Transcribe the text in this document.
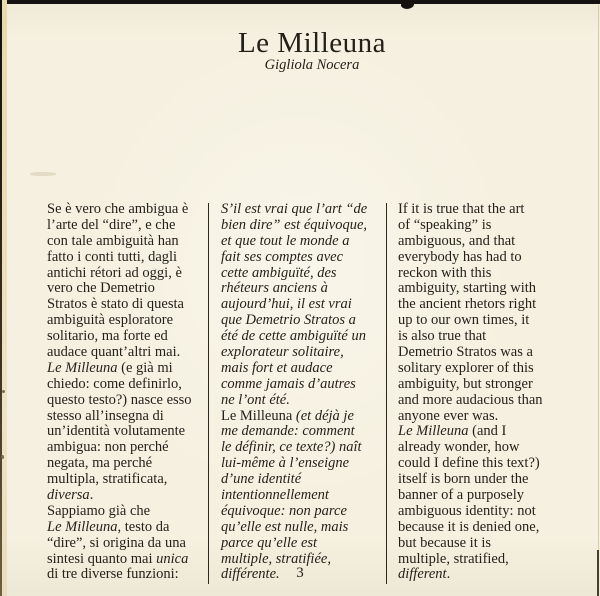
Le Milleuna
Gigliola Nocera
Se è vero che ambigua è
l’arte del “dire”, e che
con tale ambiguità han
fatto i conti tutti, dagli
antichi rétori ad oggi, è
vero che Demetrio
Stratos è stato di questa
ambiguità esploratore
solitario, ma forte ed
audace quant’altri mai.
Le Milleuna (e già mi
chiedo: come definirlo,
questo testo?) nasce esso
stesso all’insegna di
un’identità volutamente
ambigua: non perché
negata, ma perché
multipla, stratificata,
diversa.
Sappiamo già che
Le Milleuna, testo da
“dire”, si origina da una
sintesi quanto mai unica
di tre diverse funzioni:
S’il est vrai que l’art “de
bien dire” est équivoque,
et que tout le monde a
fait ses comptes avec
cette ambiguïté, des
rhéteurs anciens à
aujourd’hui, il est vrai
que Demetrio Stratos a
été de cette ambiguïté un
explorateur solitaire,
mais fort et audace
comme jamais d’autres
ne l’ont été.
Le Milleuna (et déjà je
me demande: comment
le définir, ce texte?) naît
lui-même à l’enseigne
d’une identité
intentionnellement
équivoque: non parce
qu’elle est nulle, mais
parce qu’elle est
multiple, stratifiée,
différente.
If it is true that the art
of “speaking” is
ambiguous, and that
everybody has had to
reckon with this
ambiguity, starting with
the ancient rhetors right
up to our own times, it
is also true that
Demetrio Stratos was a
solitary explorer of this
ambiguity, but stronger
and more audacious than
anyone ever was.
Le Milleuna (and I
already wonder, how
could I define this text?)
itself is born under the
banner of a purposely
ambiguous identity: not
because it is denied one,
but because it is
multiple, stratified,
different.
3
